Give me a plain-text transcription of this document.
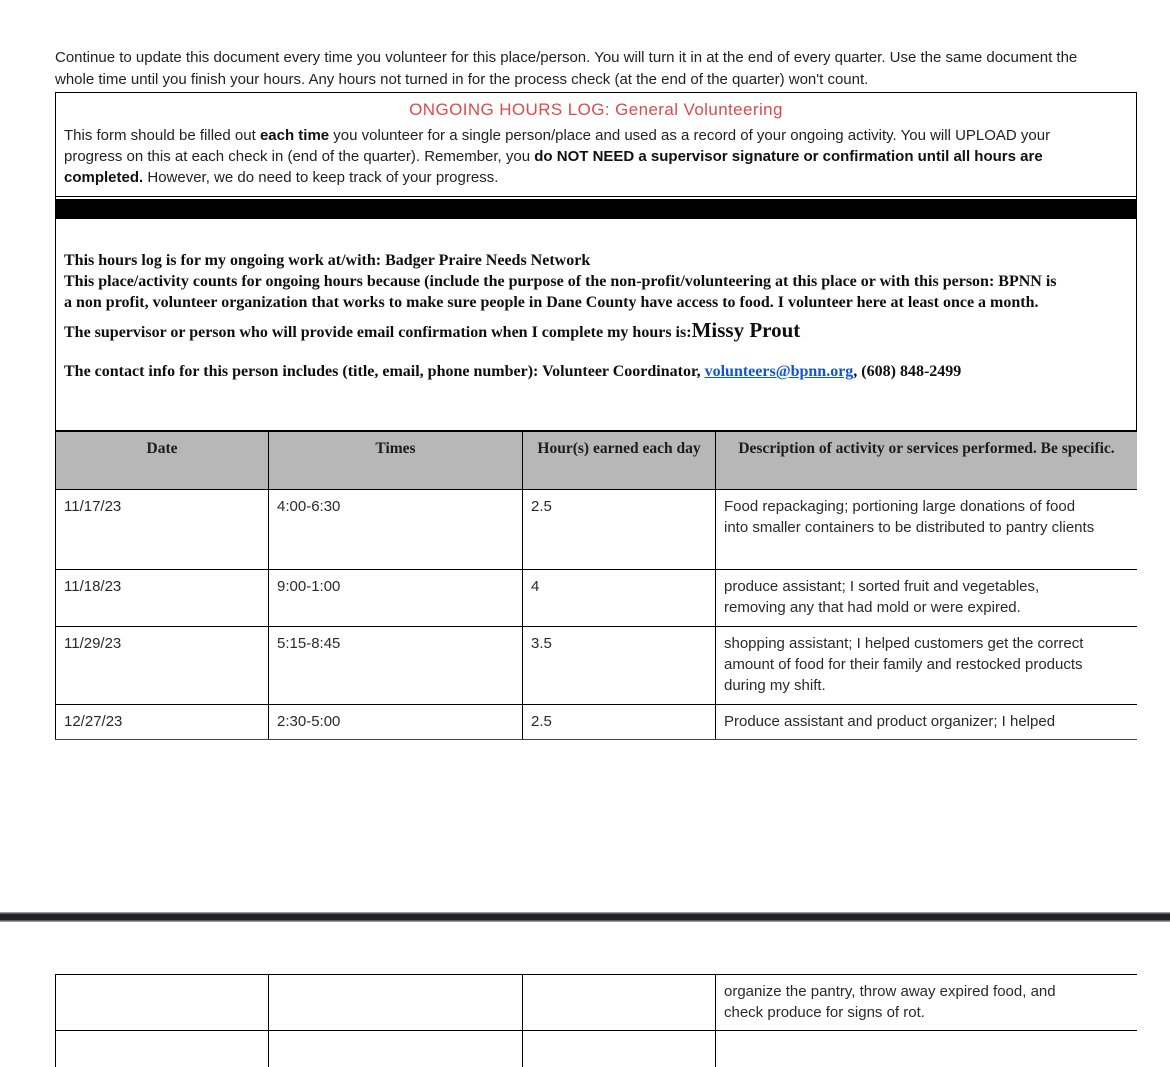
Continue to update this document every time you volunteer for this place/person. You will turn it in at the end of every quarter. Use the same document the whole time until you finish your hours. Any hours not turned in for the process check (at the end of the quarter) won't count.

ONGOING HOURS LOG: General Volunteering
This form should be filled out each time you volunteer for a single person/place and used as a record of your ongoing activity. You will UPLOAD your progress on this at each check in (end of the quarter). Remember, you do NOT NEED a supervisor signature or confirmation until all hours are completed. However, we do need to keep track of your progress.
This hours log is for my ongoing work at/with: Badger Praire Needs Network
This place/activity counts for ongoing hours because (include the purpose of the non-profit/volunteering at this place or with this person: BPNN is a non profit, volunteer organization that works to make sure people in Dane County have access to food. I volunteer here at least once a month.
The supervisor or person who will provide email confirmation when I complete my hours is:Missy Prout
The contact info for this person includes (title, email, phone number): Volunteer Coordinator, volunteers@bpnn.org, (608) 848-2499
Date	Times	Hour(s) earned each day	Description of activity or services performed. Be specific.
11/17/23	4:00-6:30	2.5	Food repackaging; portioning large donations of food into smaller containers to be distributed to pantry clients
11/18/23	9:00-1:00	4	produce assistant; I sorted fruit and vegetables, removing any that had mold or were expired.
11/29/23	5:15-8:45	3.5	shopping assistant; I helped customers get the correct amount of food for their family and restocked products during my shift.
12/27/23	2:30-5:00	2.5	Produce assistant and product organizer; I helped
			organize the pantry, throw away expired food, and check produce for signs of rot.
